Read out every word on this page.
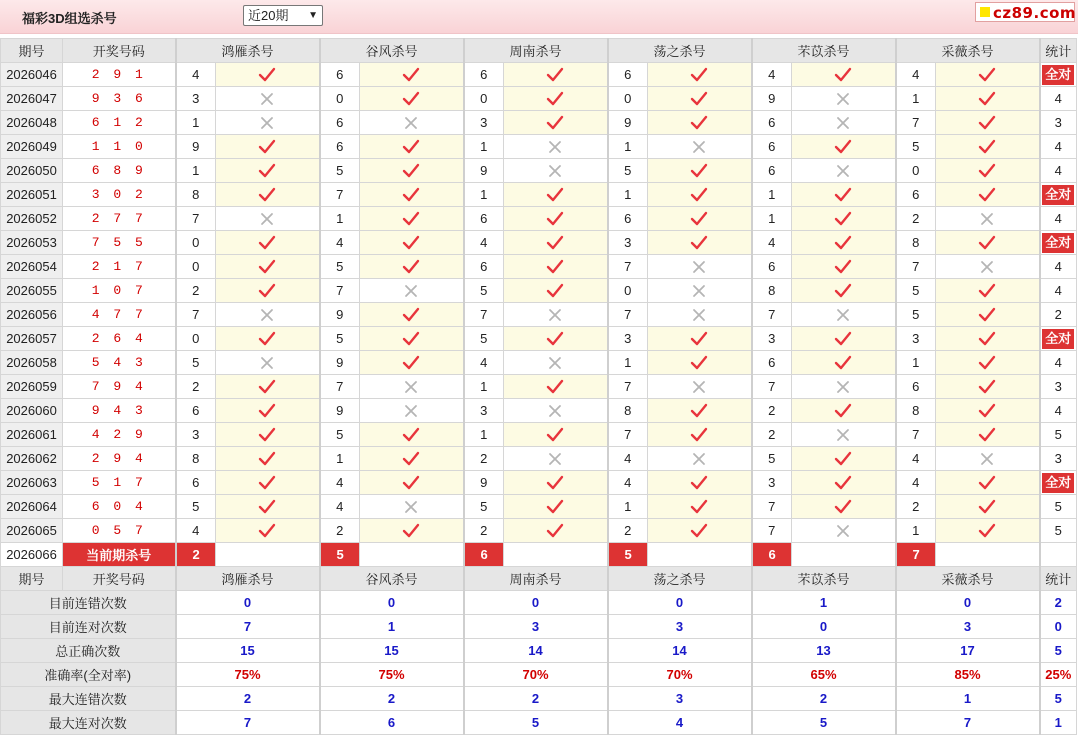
福彩3D组选杀号	近20期 ▼	cz89.com
期号	开奖号码	鸿雁杀号		谷风杀号		周南杀号		荡之杀号		芣苡杀号		采薇杀号		统计
2026046	2 9 1	4		6		6		6		4		4		全对
2026047	9 3 6	3		0		0		0		9		1		4
2026048	6 1 2	1		6		3		9		6		7		3
2026049	1 1 0	9		6		1		1		6		5		4
2026050	6 8 9	1		5		9		5		6		0		4
2026051	3 0 2	8		7		1		1		1		6		全对
2026052	2 7 7	7		1		6		6		1		2		4
2026053	7 5 5	0		4		4		3		4		8		全对
2026054	2 1 7	0		5		6		7		6		7		4
2026055	1 0 7	2		7		5		0		8		5		4
2026056	4 7 7	7		9		7		7		7		5		2
2026057	2 6 4	0		5		5		3		3		3		全对
2026058	5 4 3	5		9		4		1		6		1		4
2026059	7 9 4	2		7		1		7		7		6		3
2026060	9 4 3	6		9		3		8		2		8		4
2026061	4 2 9	3		5		1		7		2		7		5
2026062	2 9 4	8		1		2		4		5		4		3
2026063	5 1 7	6		4		9		4		3		4		全对
2026064	6 0 4	5		4		5		1		7		2		5
2026065	0 5 7	4		2		2		2		7		1		5
2026066	当前期杀号	2		5		6		5		6		7		
期号	开奖号码	鸿雁杀号		谷风杀号		周南杀号		荡之杀号		芣苡杀号		采薇杀号		统计
目前连错次数		0		0		0		0		1		0		2
目前连对次数		7		1		3		3		0		3		0
总正确次数		15		15		14		14		13		17		5
准确率(全对率)		75%		75%		70%		70%		65%		85%		25%
最大连错次数		2		2		2		3		2		1		5
最大连对次数		7		6		5		4		5		7		1
